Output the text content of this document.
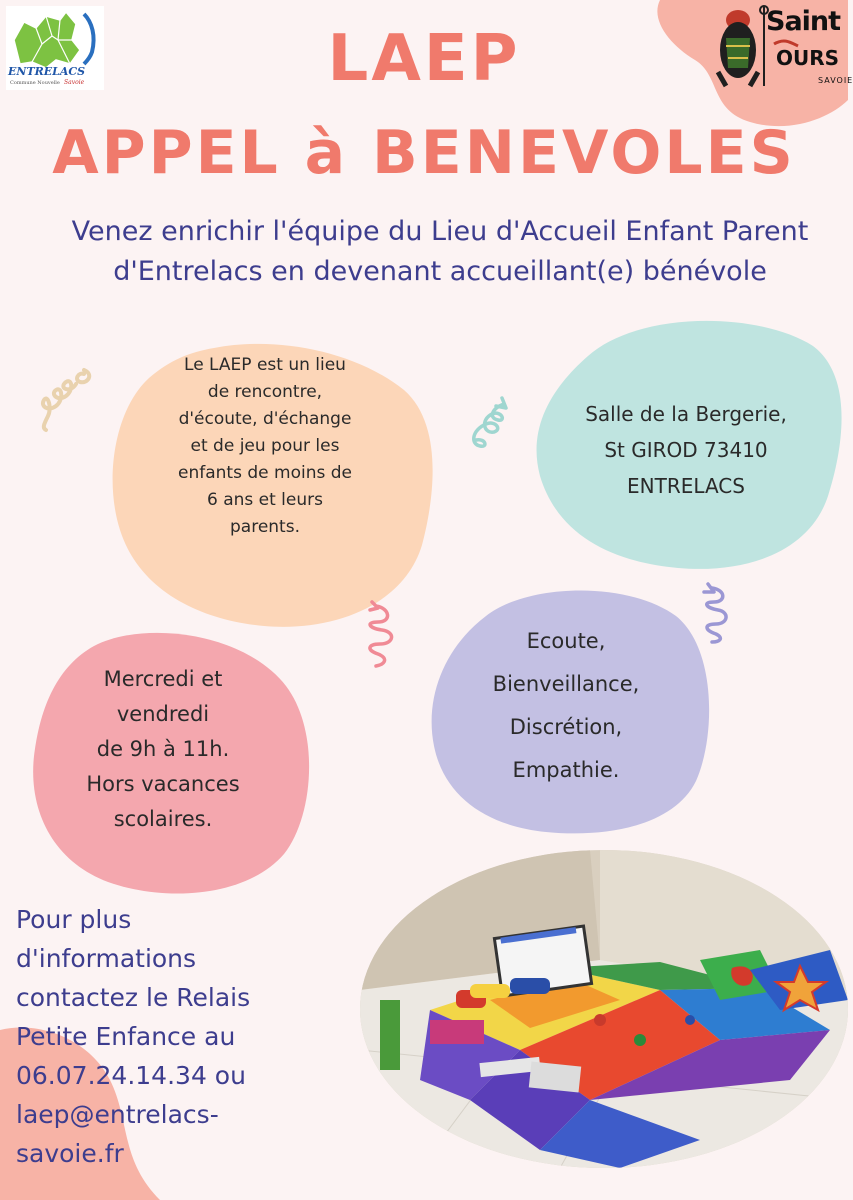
ENTRELACS
Commune Nouvelle Savoie
Saint
OURS
SAVOIE
LAEP
APPEL à BENEVOLES
Venez enrichir l'équipe du Lieu d'Accueil Enfant Parent d'Entrelacs en devenant accueillant(e) bénévole
Le LAEP est un lieu
de rencontre,
d'écoute, d'échange
et de jeu pour les
enfants de moins de
6 ans et leurs
parents.
Salle de la Bergerie,
St GIROD 73410
ENTRELACS
Ecoute,
Bienveillance,
Discrétion,
Empathie.
Mercredi et
vendredi
de 9h à 11h.
Hors vacances
scolaires.
Pour plus
d'informations
contactez le Relais
Petite Enfance au
06.07.24.14.34 ou
laep@entrelacs-
savoie.fr
